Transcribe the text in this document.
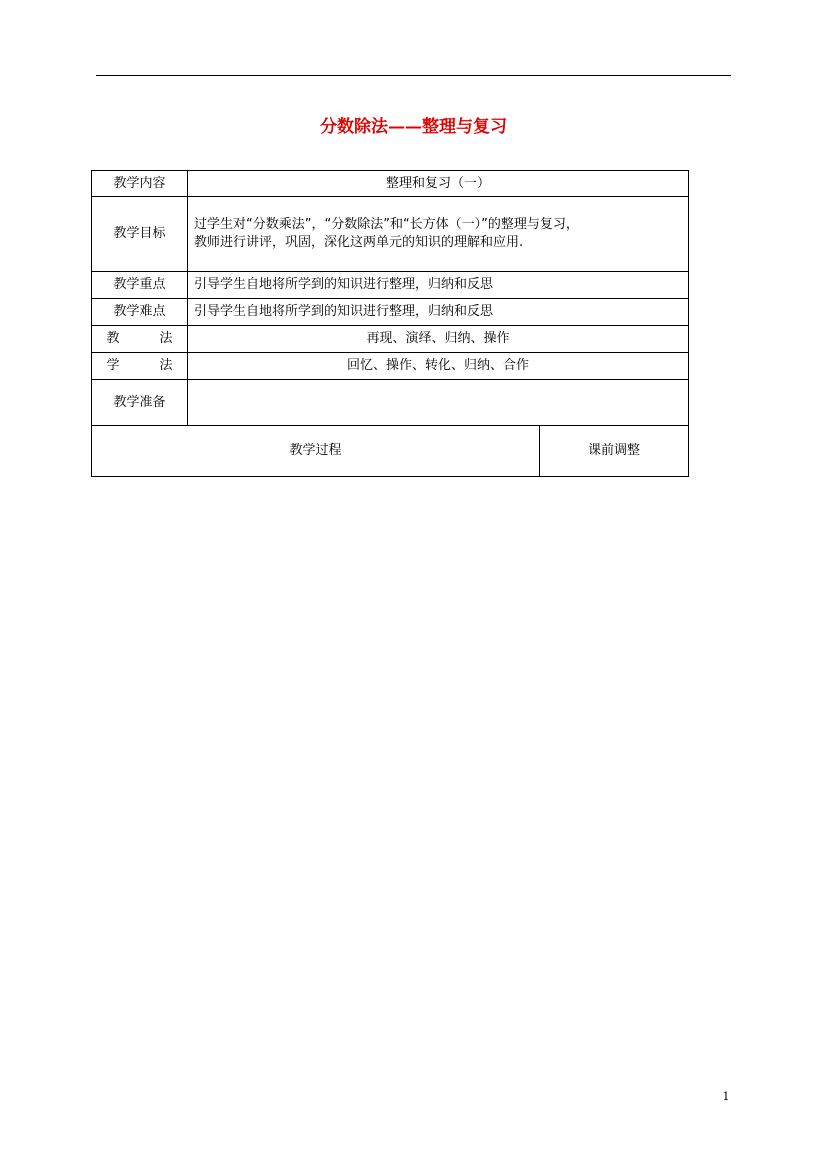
分数除法——整理与复习
教学内容	整理和复习（一）	
教学目标	过学生对“分数乘法”，“分数除法”和“长方体（一）”的整理与复习，
教师进行讲评，巩固，深化这两单元的知识的理解和应用.	

教学重点	引导学生自地将所学到的知识进行整理，归纳和反思	
教学难点	引导学生自地将所学到的知识进行整理，归纳和反思	
教 法	再现、演绎、归纳、操作	
学 法	回忆、操作、转化、归纳、合作	
教学准备		
教学过程		课前调整
1
